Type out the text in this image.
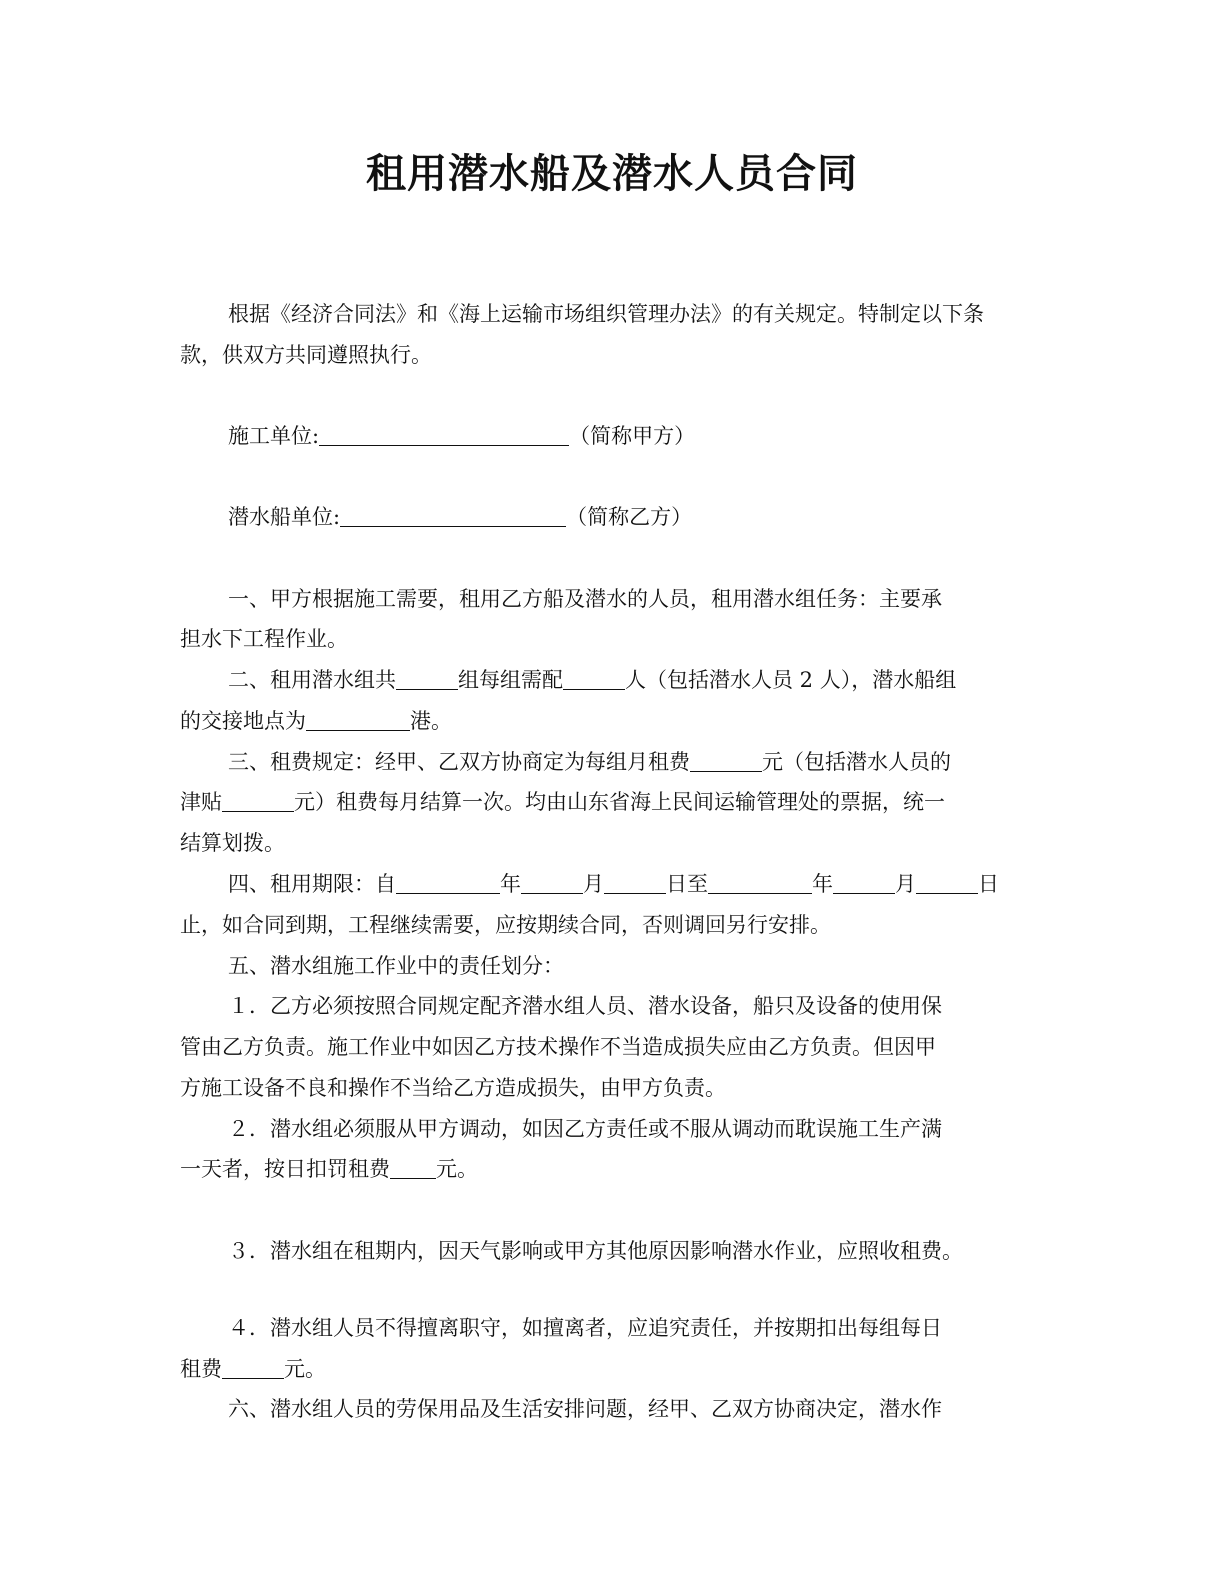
租用潜水船及潜水人员合同

根据《经济合同法》和《海上运输市场组织管理办法》的有关规定。特制定以下条

款，供双方共同遵照执行。

施工单位:	（简称甲方）

潜水船单位:	（简称乙方）

一、甲方根据施工需要，租用乙方船及潜水的人员，租用潜水组任务：主要承

担水下工程作业。

二、租用潜水组共	组每组需配	人（包括潜水人员 2 人），潜水船组

的交接地点为	港。

三、租费规定：经甲、乙双方协商定为每组月租费	元（包括潜水人员的

津贴	元）租费每月结算一次。均由山东省海上民间运输管理处的票据，统一

结算划拨。

四、租用期限：自	年	月	日至	年	月	日

止，如合同到期，工程继续需要，应按期续合同，否则调回另行安排。

五、潜水组施工作业中的责任划分：

１．乙方必须按照合同规定配齐潜水组人员、潜水设备，船只及设备的使用保

管由乙方负责。施工作业中如因乙方技术操作不当造成损失应由乙方负责。但因甲

方施工设备不良和操作不当给乙方造成损失，由甲方负责。

２．潜水组必须服从甲方调动，如因乙方责任或不服从调动而耽误施工生产满

一天者，按日扣罚租费 元。

３．潜水组在租期内，因天气影响或甲方其他原因影响潜水作业，应照收租费。

４．潜水组人员不得擅离职守，如擅离者，应追究责任，并按期扣出每组每日

租费	元。

六、潜水组人员的劳保用品及生活安排问题，经甲、乙双方协商决定，潜水作
